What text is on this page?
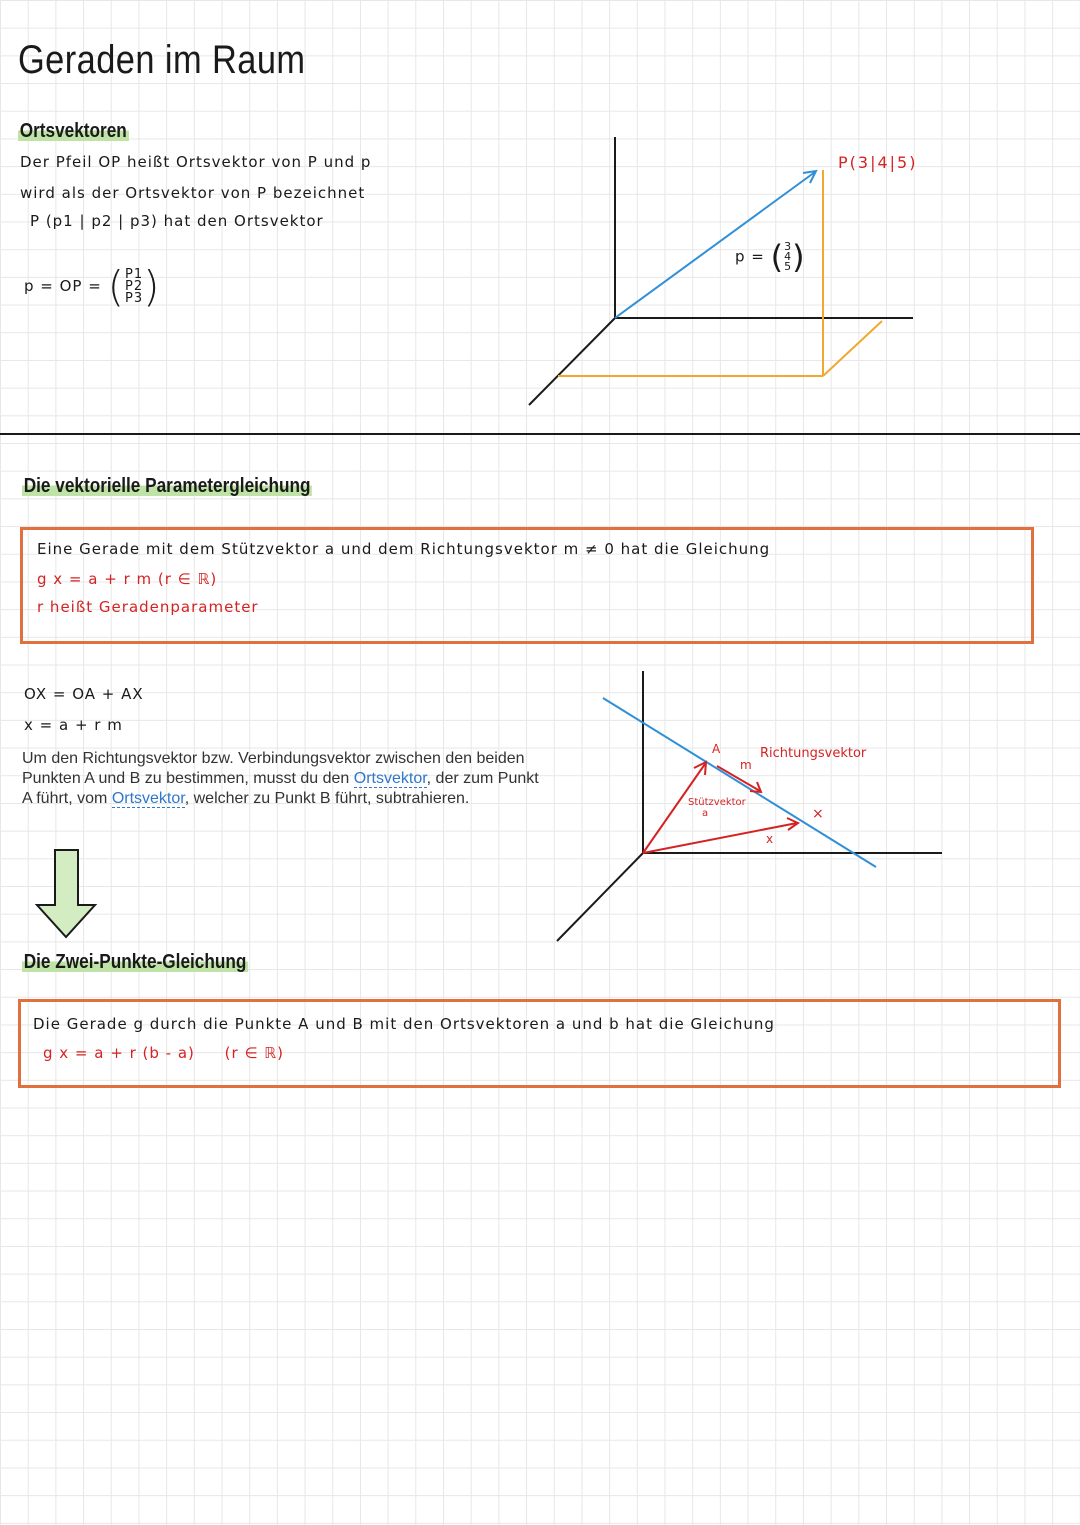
Geraden im Raum
Ortsvektoren
Der Pfeil OP heißt Ortsvektor von P und p
wird als der Ortsvektor von P bezeichnet
P (p1 | p2 | p3) hat den Ortsvektor
p = OP = (P1
P2
P3)
P(3|4|5)
p = (3
4
5)
Die vektorielle Parametergleichung
Eine Gerade mit dem Stützvektor a und dem Richtungsvektor m ≠ 0 hat die Gleichung
g x = a + r m (r ∈ ℝ)
r heißt Geradenparameter
OX = OA + AX
x = a + r m
Um den Richtungsvektor bzw. Verbindungsvektor zwischen den beiden Punkten A und B zu bestimmen, musst du den Ortsvektor, der zum Punkt A führt, vom Ortsvektor, welcher zu Punkt B führt, subtrahieren.
A
m
Richtungsvektor
Stützvektor
a
x
×
Die Zwei-Punkte-Gleichung
Die Gerade g durch die Punkte A und B mit den Ortsvektoren a und b hat die Gleichung
g x = a + r (b - a) (r ∈ ℝ)
